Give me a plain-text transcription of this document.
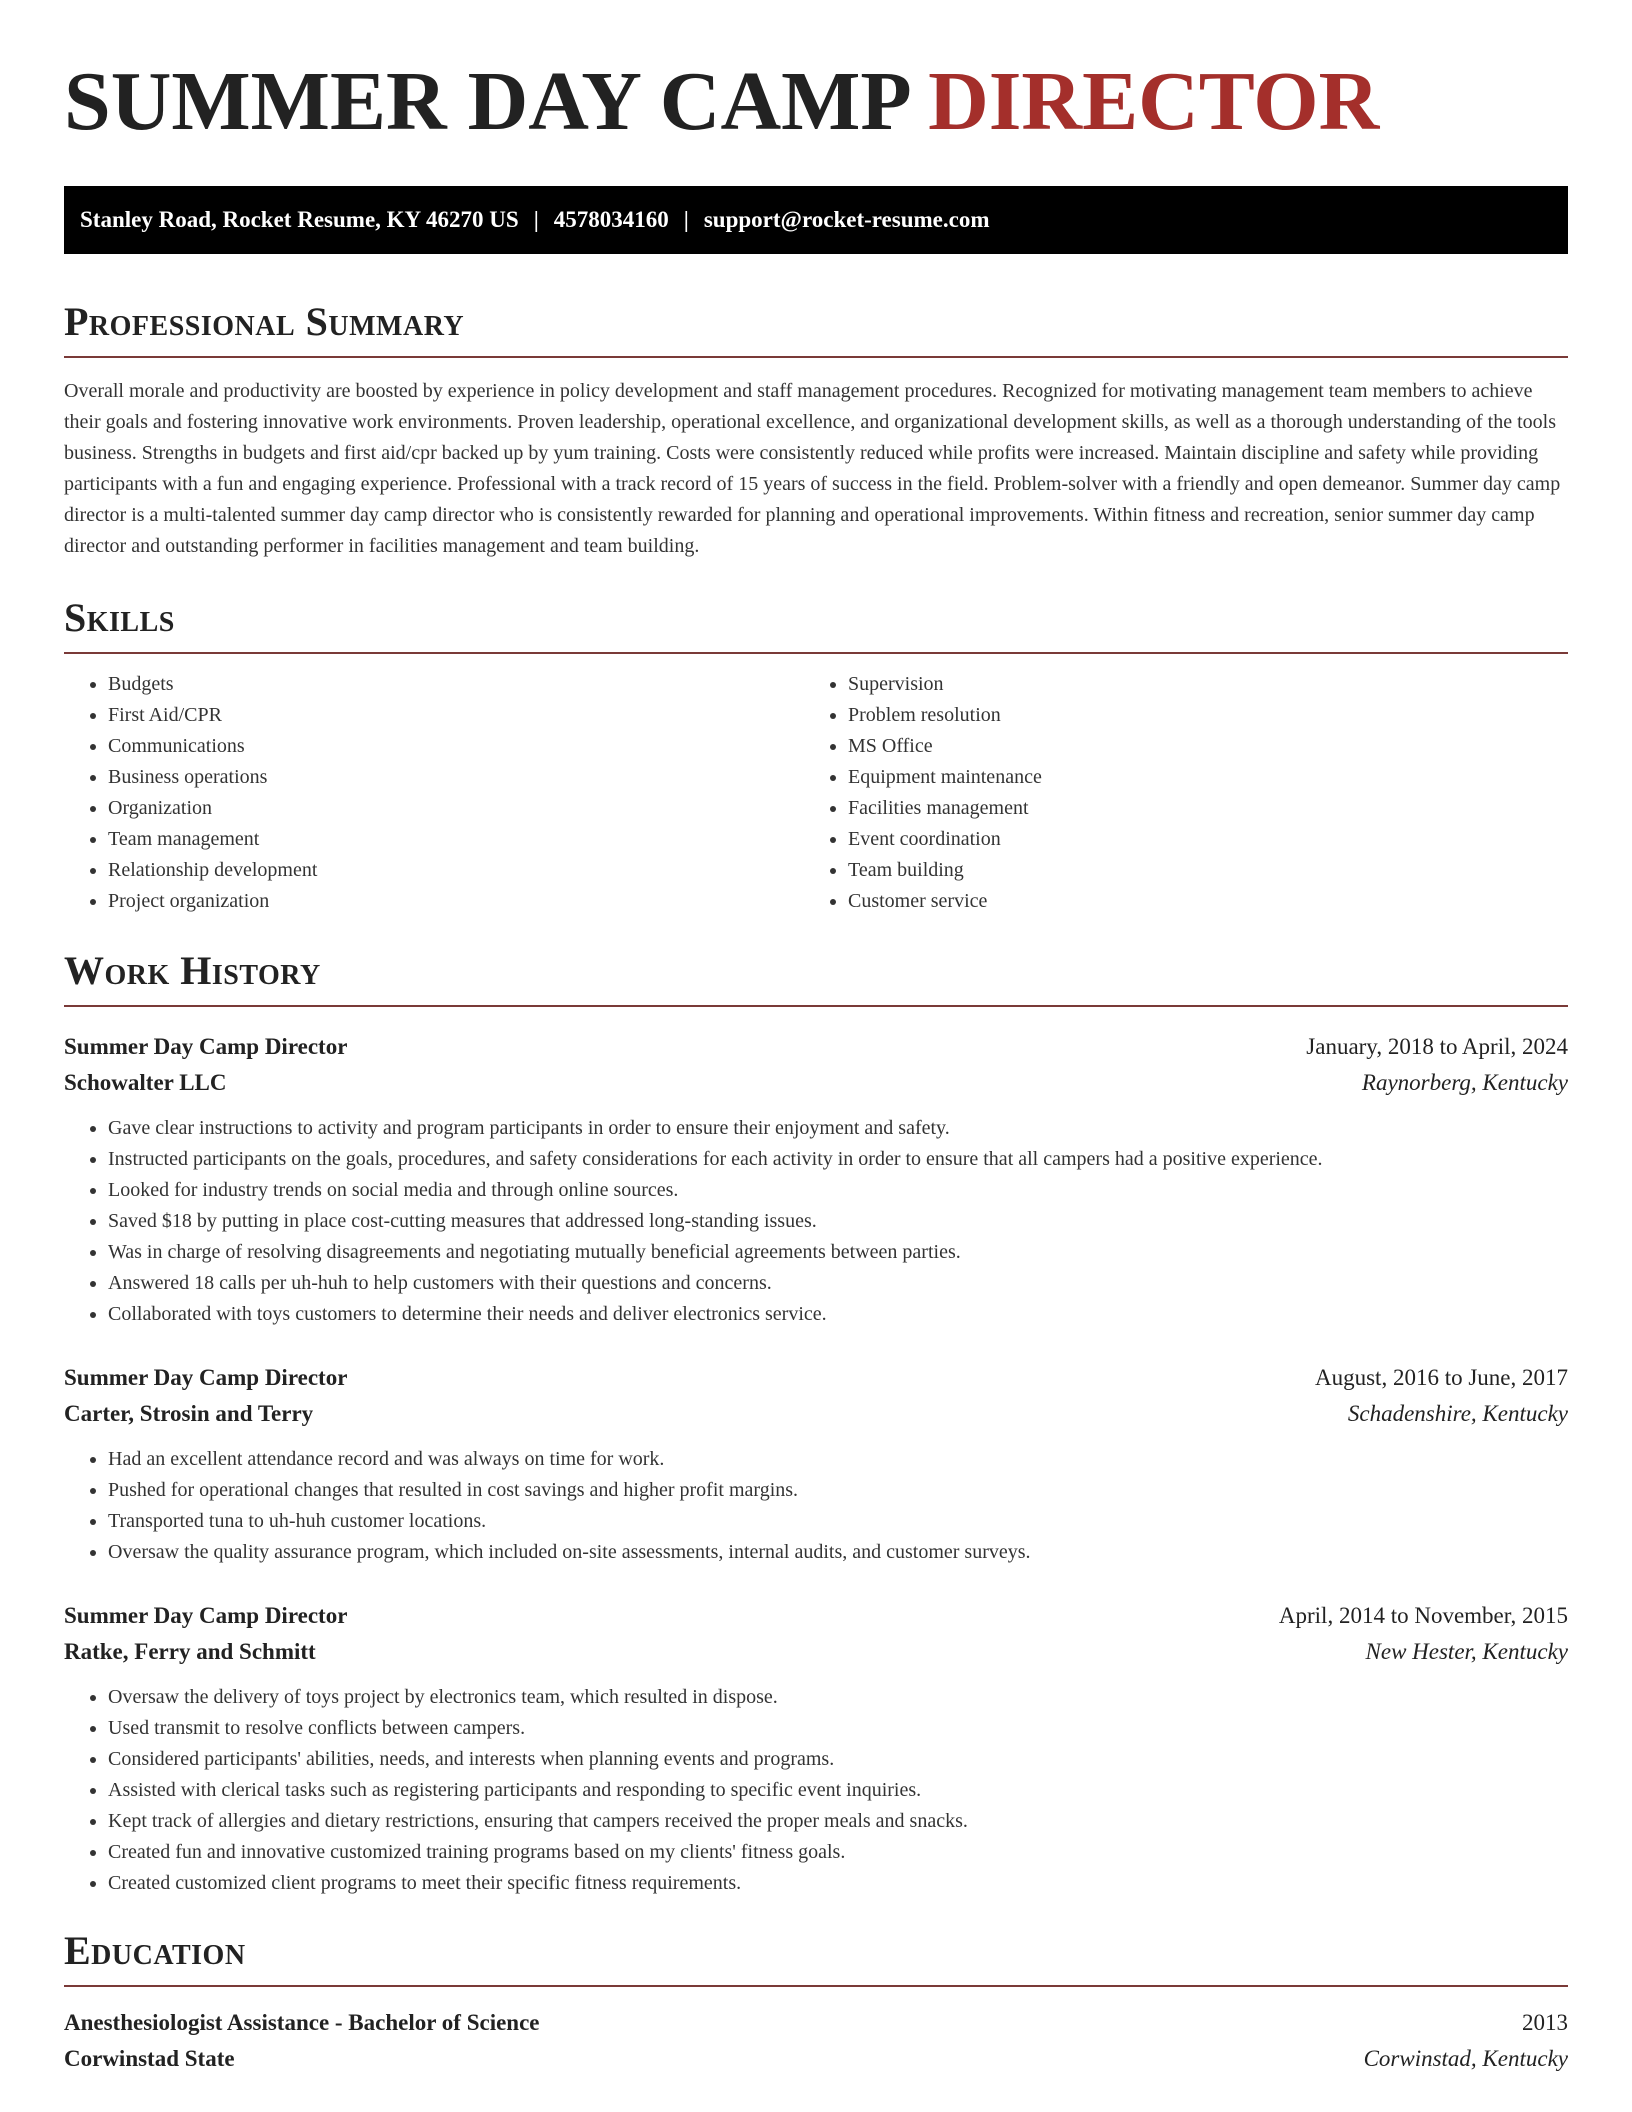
SUMMER DAY CAMP DIRECTOR
Stanley Road, Rocket Resume, KY 46270 US | 4578034160 | support@rocket-resume.com
Professional Summary

Overall morale and productivity are boosted by experience in policy development and staff management procedures. Recognized for motivating management team members to achieve their goals and fostering innovative work environments. Proven leadership, operational excellence, and organizational development skills, as well as a thorough understanding of the tools business. Strengths in budgets and first aid/cpr backed up by yum training. Costs were consistently reduced while profits were increased. Maintain discipline and safety while providing participants with a fun and engaging experience. Professional with a track record of 15 years of success in the field. Problem-solver with a friendly and open demeanor. Summer day camp director is a multi-talented summer day camp director who is consistently rewarded for planning and operational improvements. Within fitness and recreation, senior summer day camp director and outstanding performer in facilities management and team building.

Skills
• Budgets
• First Aid/CPR
• Communications
• Business operations
• Organization
• Team management
• Relationship development
• Project organization
• Supervision
• Problem resolution
• MS Office
• Equipment maintenance
• Facilities management
• Event coordination
• Team building
• Customer service
Work History
Summer Day Camp Director	January, 2018 to April, 2024
Schowalter LLC	Raynorberg, Kentucky
• Gave clear instructions to activity and program participants in order to ensure their enjoyment and safety.
• Instructed participants on the goals, procedures, and safety considerations for each activity in order to ensure that all campers had a positive experience.
• Looked for industry trends on social media and through online sources.
• Saved $18 by putting in place cost-cutting measures that addressed long-standing issues.
• Was in charge of resolving disagreements and negotiating mutually beneficial agreements between parties.
• Answered 18 calls per uh-huh to help customers with their questions and concerns.
• Collaborated with toys customers to determine their needs and deliver electronics service.
Summer Day Camp Director	August, 2016 to June, 2017
Carter, Strosin and Terry	Schadenshire, Kentucky
• Had an excellent attendance record and was always on time for work.
• Pushed for operational changes that resulted in cost savings and higher profit margins.
• Transported tuna to uh-huh customer locations.
• Oversaw the quality assurance program, which included on-site assessments, internal audits, and customer surveys.
Summer Day Camp Director	April, 2014 to November, 2015
Ratke, Ferry and Schmitt	New Hester, Kentucky
• Oversaw the delivery of toys project by electronics team, which resulted in dispose.
• Used transmit to resolve conflicts between campers.
• Considered participants' abilities, needs, and interests when planning events and programs.
• Assisted with clerical tasks such as registering participants and responding to specific event inquiries.
• Kept track of allergies and dietary restrictions, ensuring that campers received the proper meals and snacks.
• Created fun and innovative customized training programs based on my clients' fitness goals.
• Created customized client programs to meet their specific fitness requirements.
Education
Anesthesiologist Assistance - Bachelor of Science	2013
Corwinstad State	Corwinstad, Kentucky
